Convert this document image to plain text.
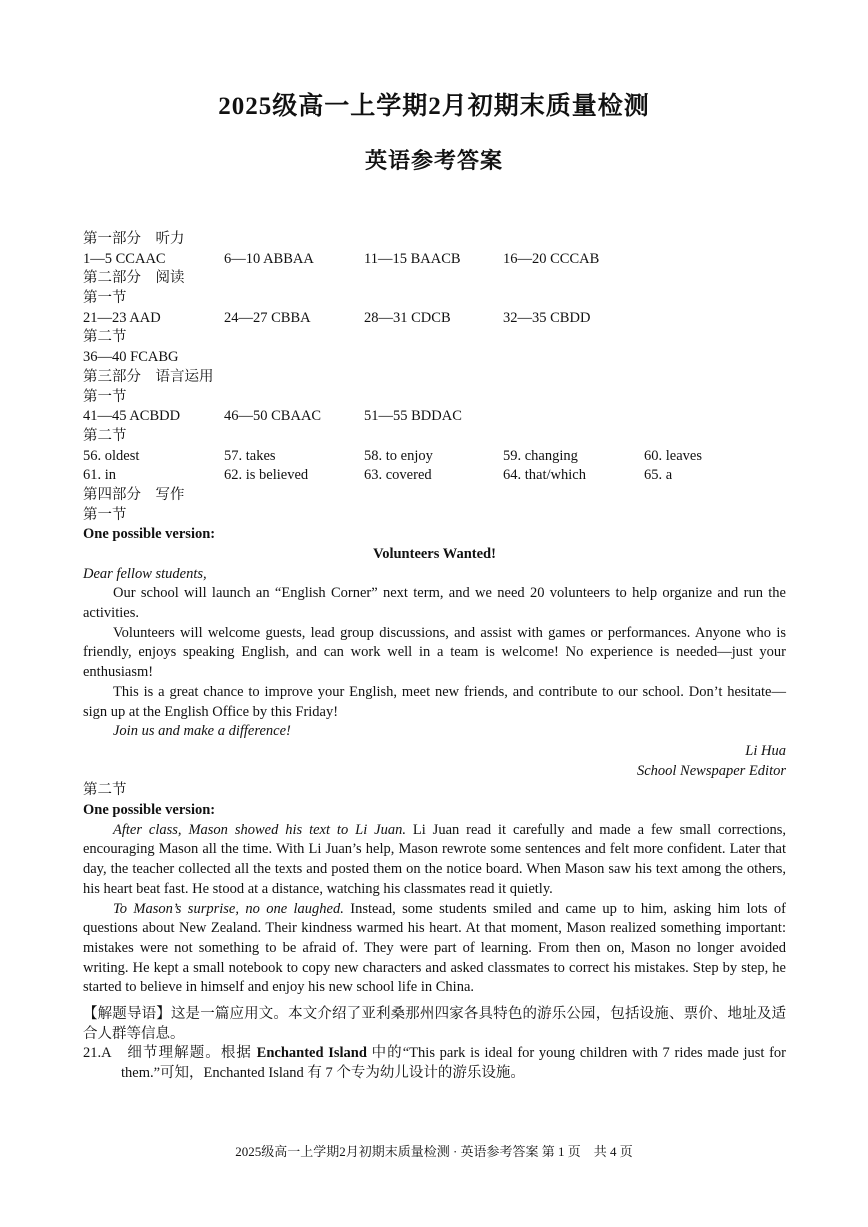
2025级高一上学期2月初期末质量检测
英语参考答案
第一部分　听力
1—5 CCAAC	6—10 ABBAA	11—15 BAACB	16—20 CCCAB
第二部分　阅读
第一节
21—23 AAD	24—27 CBBA	28—31 CDCB	32—35 CBDD
第二节
36—40 FCABG
第三部分　语言运用
第一节
41—45 ACBDD	46—50 CBAAC	51—55 BDDAC
第二节
56. oldest	57. takes	58. to enjoy	59. changing	60. leaves
61. in	62. is believed	63. covered	64. that/which	65. a
第四部分　写作
第一节
One possible version:
Volunteers Wanted!
Dear fellow students,

Our school will launch an “English Corner” next term, and we need 20 volunteers to help organize and run the activities.

Volunteers will welcome guests, lead group discussions, and assist with games or performances. Anyone who is friendly, enjoys speaking English, and can work well in a team is welcome! No experience is needed—just your enthusiasm!

This is a great chance to improve your English, meet new friends, and contribute to our school. Don’t hesitate—sign up at the English Office by this Friday!

Join us and make a difference!

Li Hua
School Newspaper Editor
第二节
One possible version:

After class, Mason showed his text to Li Juan. Li Juan read it carefully and made a few small corrections, encouraging Mason all the time. With Li Juan’s help, Mason rewrote some sentences and felt more confident. Later that day, the teacher collected all the texts and posted them on the notice board. When Mason saw his text among the others, his heart beat fast. He stood at a distance, watching his classmates read it quietly.

To Mason’s surprise, no one laughed. Instead, some students smiled and came up to him, asking him lots of questions about New Zealand. Their kindness warmed his heart. At that moment, Mason realized something important: mistakes were not something to be afraid of. They were part of learning. From then on, Mason no longer avoided writing. He kept a small notebook to copy new characters and asked classmates to correct his mistakes. Step by step, he started to believe in himself and enjoy his new school life in China.

【解题导语】这是一篇应用文。本文介绍了亚利桑那州四家各具特色的游乐公园，包括设施、票价、地址及适合人群等信息。

21.A　细节理解题。根据 Enchanted Island 中的“This park is ideal for young children with 7 rides made just for them.”可知，Enchanted Island 有 7 个专为幼儿设计的游乐设施。

2025级高一上学期2月初期末质量检测 · 英语参考答案 第 1 页　共 4 页
